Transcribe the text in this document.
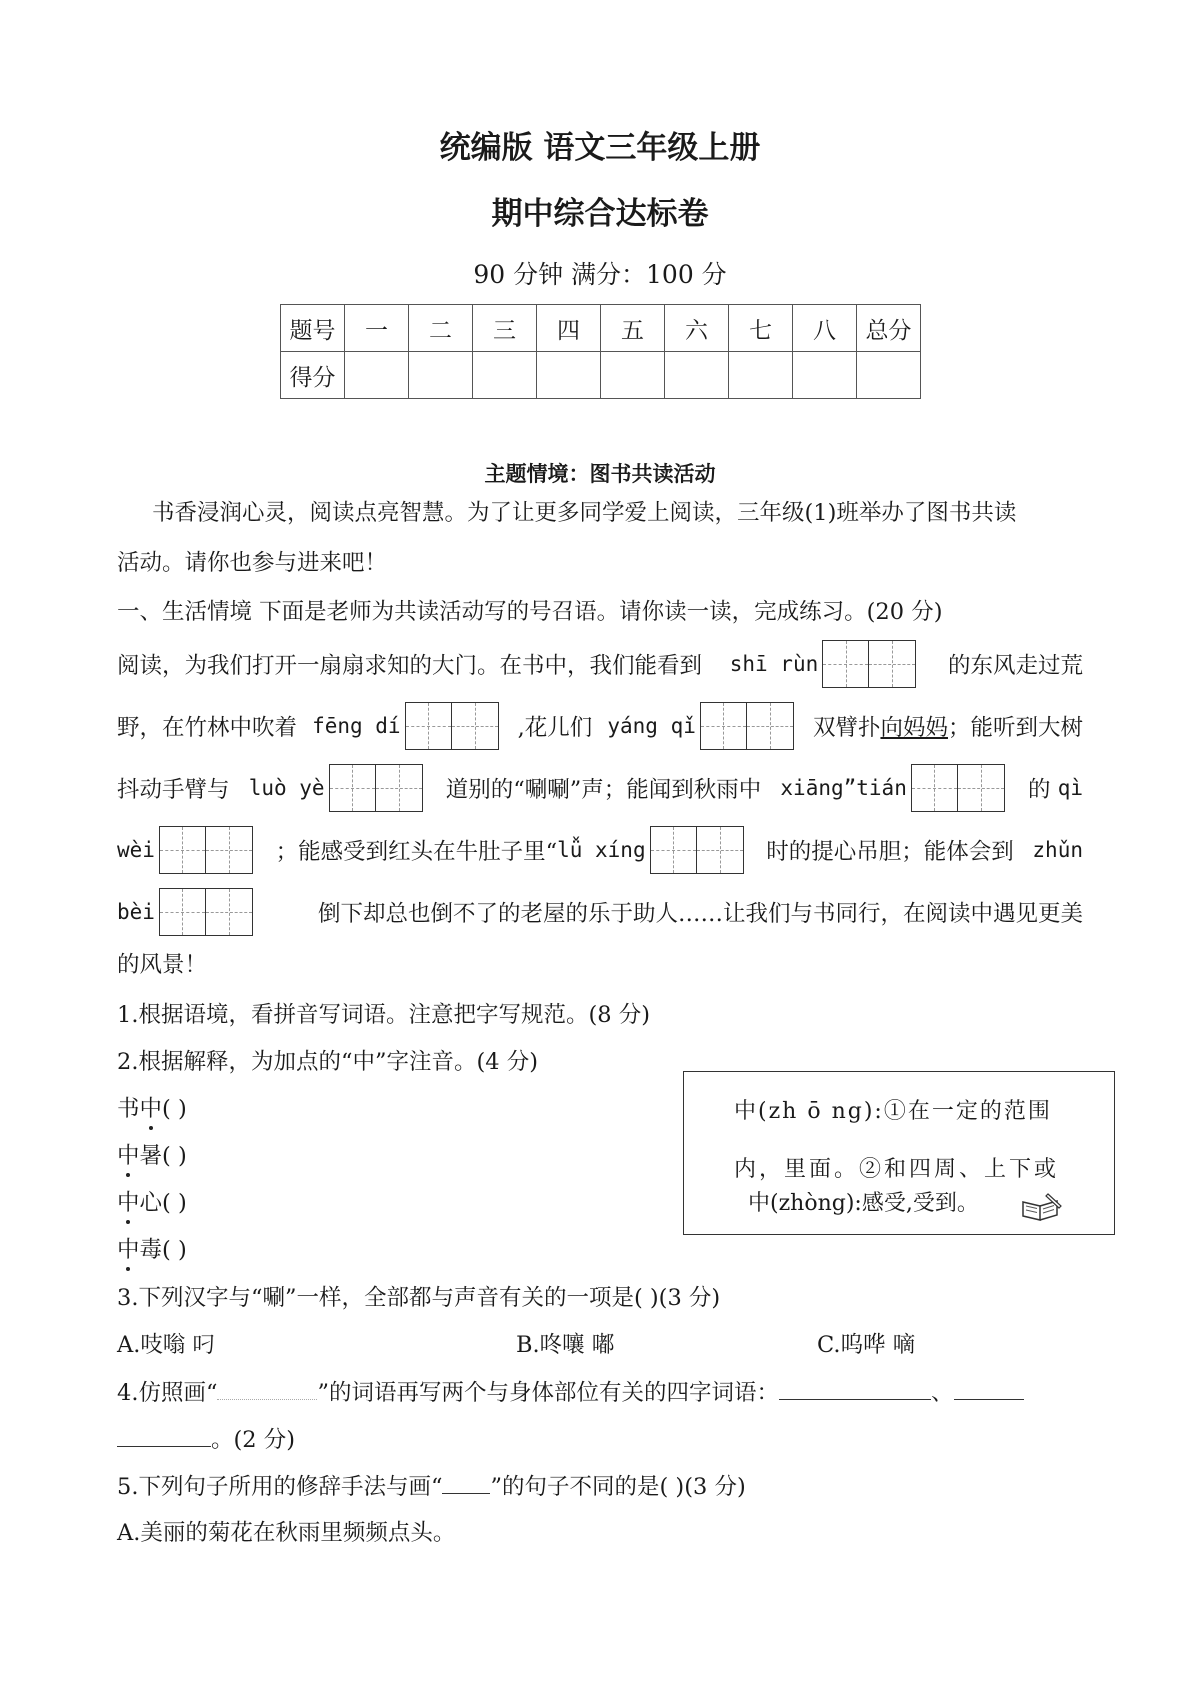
统编版 语文三年级上册
期中综合达标卷
90 分钟 满分：100 分
题号	一	二	三	四	五	六	七	八	总分
得分									
主题情境：图书共读活动
书香浸润心灵，阅读点亮智慧。为了让更多同学爱上阅读，三年级(1)班举办了图书共读
活动。请你也参与进来吧！
一、生活情境 下面是老师为共读活动写的号召语。请你读一读，完成练习。(20 分)
阅读，为我们打开一扇扇求知的大门。在书中，我们能看到 shī rùn	的东风走过荒
野，在竹林中吹着 fēng dí	,花儿们 yáng qǐ	双臂扑 向妈妈 ；能听到大树
抖动手臂与 luò yè	道别的“唰唰”声；能闻到秋雨中 xiāng”tián	的
qì
wèi	；能感受到红头在牛肚子里“ lǚ xíng	时的提心吊胆；能体会到 zhǔn
bèi	倒下却总也倒不了的老屋的乐于助人……让我们与书同行，在阅读中遇见更美
的风景！
1.根据语境，看拼音写词语。注意把字写规范。(8 分)
2.根据解释，为加点的“中”字注音。(4 分)
书中( )
中暑( )
中心( )
中毒( )
中(zh ō ng):①在一定的范围
内，里面。②和四周、上下或
中(zhòng):感受,受到。
3.下列汉字与“唰”一样，全部都与声音有关的一项是( )(3 分)
A.吱嗡 叼	B.咚嚷 嘟	C.呜哗 嘀
4.仿照画“	”的词语再写两个与身体部位有关的四字词语：	、
。(2 分)
5.下列句子所用的修辞手法与画“ ”的句子不同的是( )(3 分)
A.美丽的菊花在秋雨里频频点头。
